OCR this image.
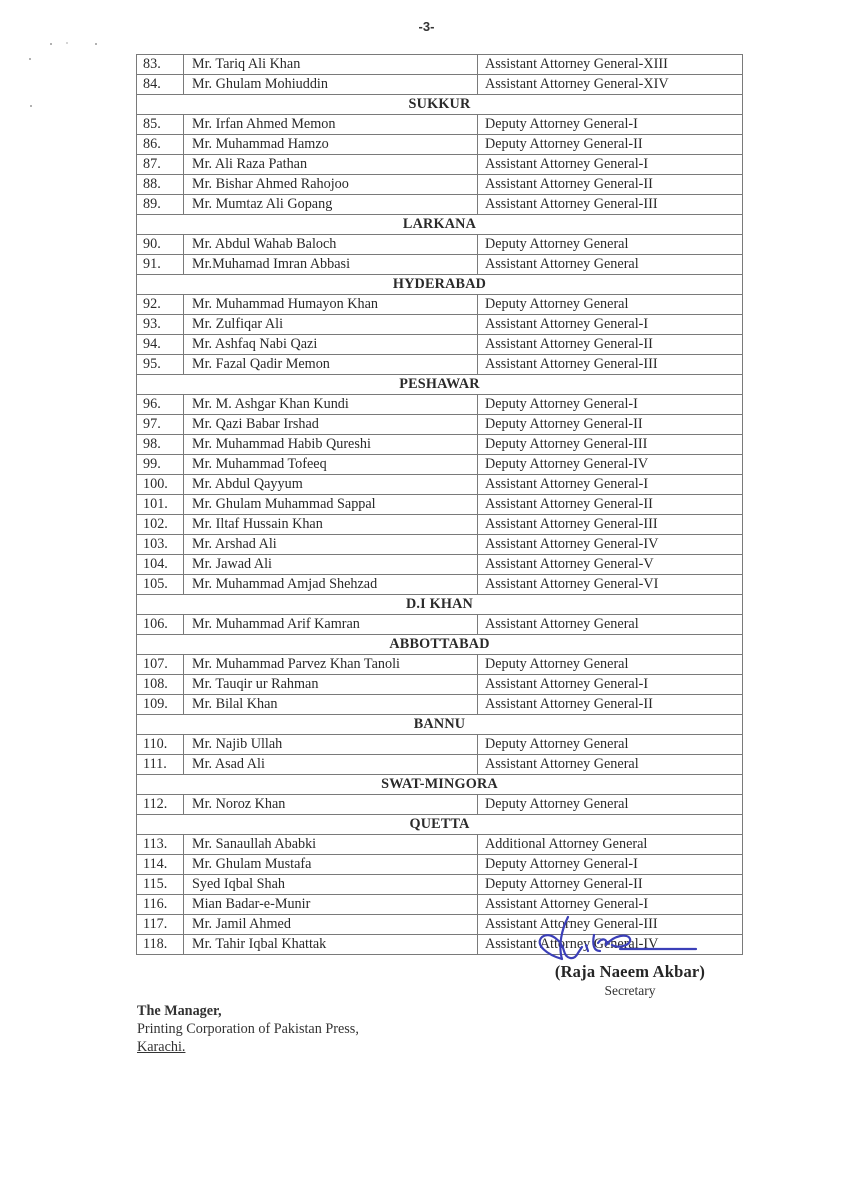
-3-
83.	Mr. Tariq Ali Khan	Assistant Attorney General-XIII
84.	Mr. Ghulam Mohiuddin	Assistant Attorney General-XIV
SUKKUR		
85.	Mr. Irfan Ahmed Memon	Deputy Attorney General-I
86.	Mr. Muhammad Hamzo	Deputy Attorney General-II
87.	Mr. Ali Raza Pathan	Assistant Attorney General-I
88.	Mr. Bishar Ahmed Rahojoo	Assistant Attorney General-II
89.	Mr. Mumtaz Ali Gopang	Assistant Attorney General-III
LARKANA		
90.	Mr. Abdul Wahab Baloch	Deputy Attorney General
91.	Mr.Muhamad Imran Abbasi	Assistant Attorney General
HYDERABAD		
92.	Mr. Muhammad Humayon Khan	Deputy Attorney General
93.	Mr. Zulfiqar Ali	Assistant Attorney General-I
94.	Mr. Ashfaq Nabi Qazi	Assistant Attorney General-II
95.	Mr. Fazal Qadir Memon	Assistant Attorney General-III
PESHAWAR		
96.	Mr. M. Ashgar Khan Kundi	Deputy Attorney General-I
97.	Mr. Qazi Babar Irshad	Deputy Attorney General-II
98.	Mr. Muhammad Habib Qureshi	Deputy Attorney General-III
99.	Mr. Muhammad Tofeeq	Deputy Attorney General-IV
100.	Mr. Abdul Qayyum	Assistant Attorney General-I
101.	Mr. Ghulam Muhammad Sappal	Assistant Attorney General-II
102.	Mr. Iltaf Hussain Khan	Assistant Attorney General-III
103.	Mr. Arshad Ali	Assistant Attorney General-IV
104.	Mr. Jawad Ali	Assistant Attorney General-V
105.	Mr. Muhammad Amjad Shehzad	Assistant Attorney General-VI
D.I KHAN		
106.	Mr. Muhammad Arif Kamran	Assistant Attorney General
ABBOTTABAD		
107.	Mr. Muhammad Parvez Khan Tanoli	Deputy Attorney General
108.	Mr. Tauqir ur Rahman	Assistant Attorney General-I
109.	Mr. Bilal Khan	Assistant Attorney General-II
BANNU		
110.	Mr. Najib Ullah	Deputy Attorney General
111.	Mr. Asad Ali	Assistant Attorney General
SWAT-MINGORA		
112.	Mr. Noroz Khan	Deputy Attorney General
QUETTA		
113.	Mr. Sanaullah Ababki	Additional Attorney General
114.	Mr. Ghulam Mustafa	Deputy Attorney General-I
115.	Syed Iqbal Shah	Deputy Attorney General-II
116.	Mian Badar-e-Munir	Assistant Attorney General-I
117.	Mr. Jamil Ahmed	Assistant Attorney General-III
118.	Mr. Tahir Iqbal Khattak	Assistant Attorney General-IV
(Raja Naeem Akbar)
Secretary
The Manager,
Printing Corporation of Pakistan Press,
Karachi.
